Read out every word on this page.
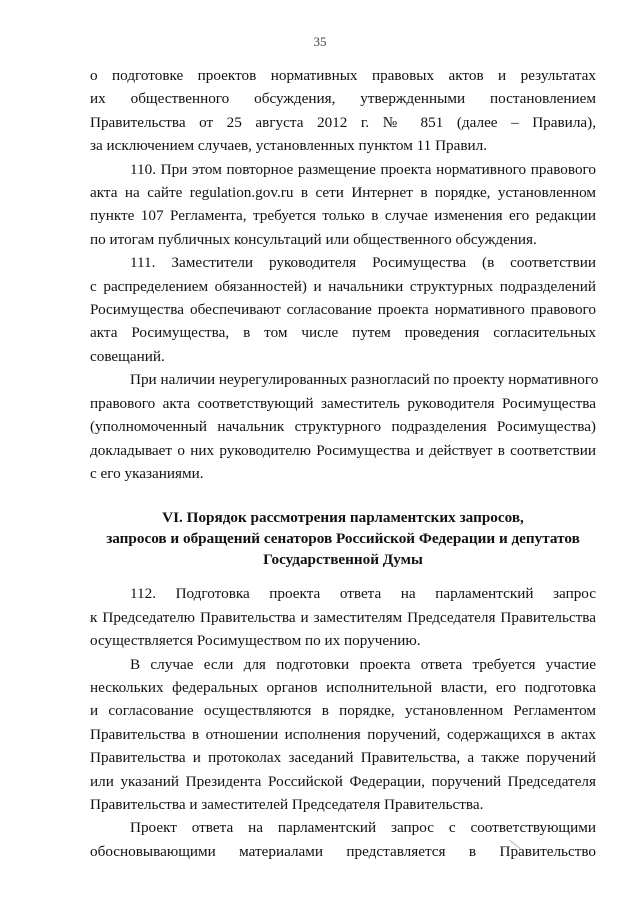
35

о подготовке проектов нормативных правовых актов и результатах
их общественного обсуждения, утвержденными постановлением
Правительства от 25 августа 2012 г. № 851 (далее – Правила),
за исключением случаев, установленных пунктом 11 Правил.

110. При этом повторное размещение проекта нормативного правового
акта на сайте regulation.gov.ru в сети Интернет в порядке, установленном
пункте 107 Регламента, требуется только в случае изменения его редакции
по итогам публичных консультаций или общественного обсуждения.

111. Заместители руководителя Росимущества (в соответствии
с распределением обязанностей) и начальники структурных подразделений
Росимущества обеспечивают согласование проекта нормативного правового
акта Росимущества, в том числе путем проведения согласительных
совещаний.

При наличии неурегулированных разногласий по проекту нормативного
правового акта соответствующий заместитель руководителя Росимущества
(уполномоченный начальник структурного подразделения Росимущества)
докладывает о них руководителю Росимущества и действует в соответствии
с его указаниями.

VI. Порядок рассмотрения парламентских запросов,
запросов и обращений сенаторов Российской Федерации и депутатов
Государственной Думы

112. Подготовка проекта ответа на парламентский запрос
к Председателю Правительства и заместителям Председателя Правительства
осуществляется Росимуществом по их поручению.

В случае если для подготовки проекта ответа требуется участие
нескольких федеральных органов исполнительной власти, его подготовка
и согласование осуществляются в порядке, установленном Регламентом
Правительства в отношении исполнения поручений, содержащихся в актах
Правительства и протоколах заседаний Правительства, а также поручений
или указаний Президента Российской Федерации, поручений Председателя
Правительства и заместителей Председателя Правительства.

Проект ответа на парламентский запрос с соответствующими
обосновывающими материалами представляется в Правительство
